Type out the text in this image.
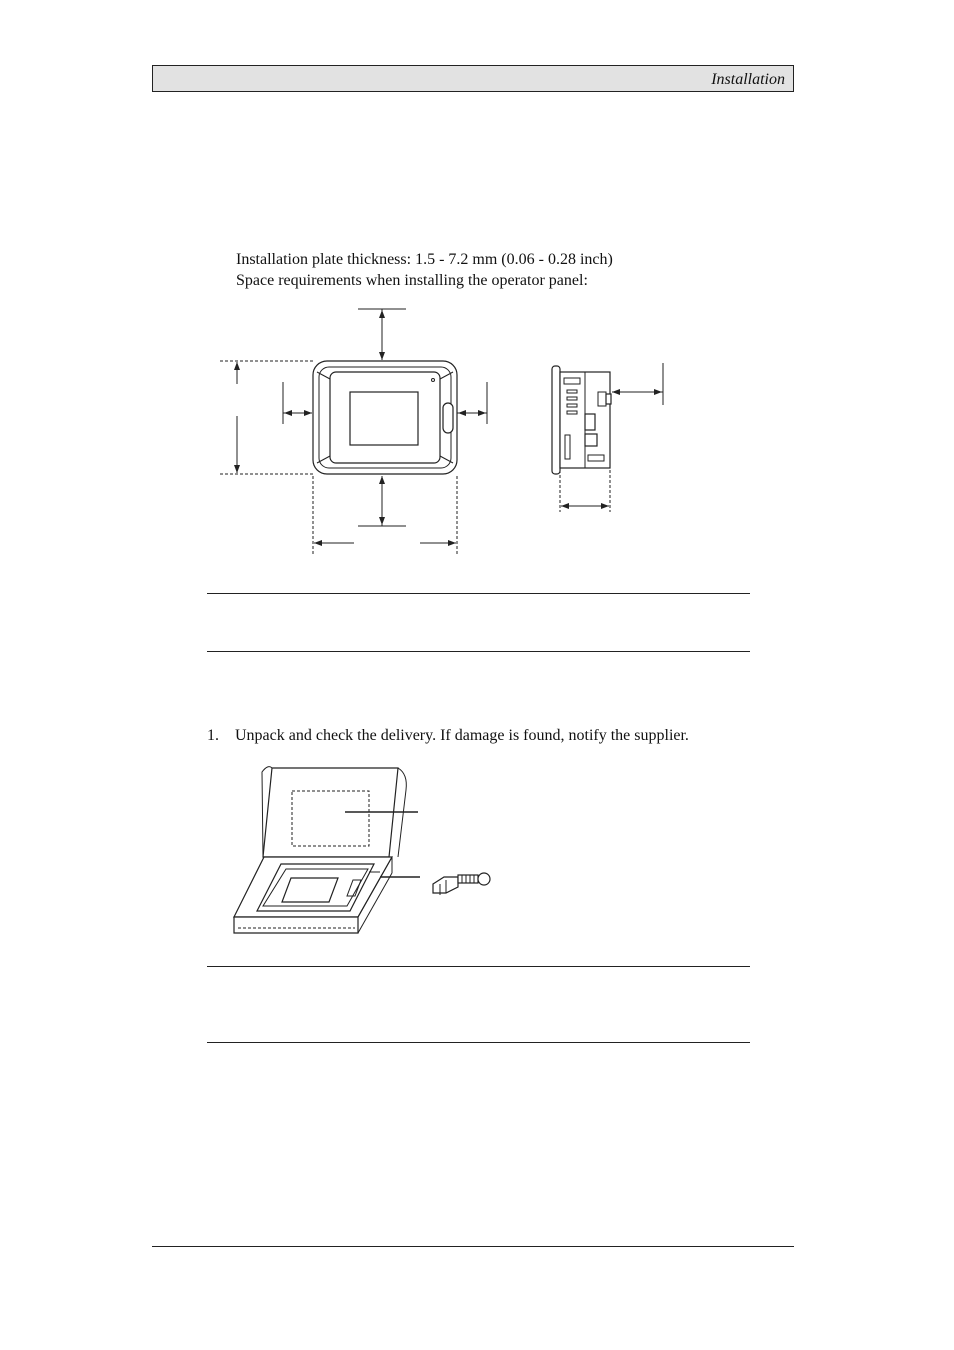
Installation
Installation plate thickness: 1.5 - 7.2 mm (0.06 - 0.28 inch)
Space requirements when installing the operator panel:
1. Unpack and check the delivery. If damage is found, notify the supplier.
